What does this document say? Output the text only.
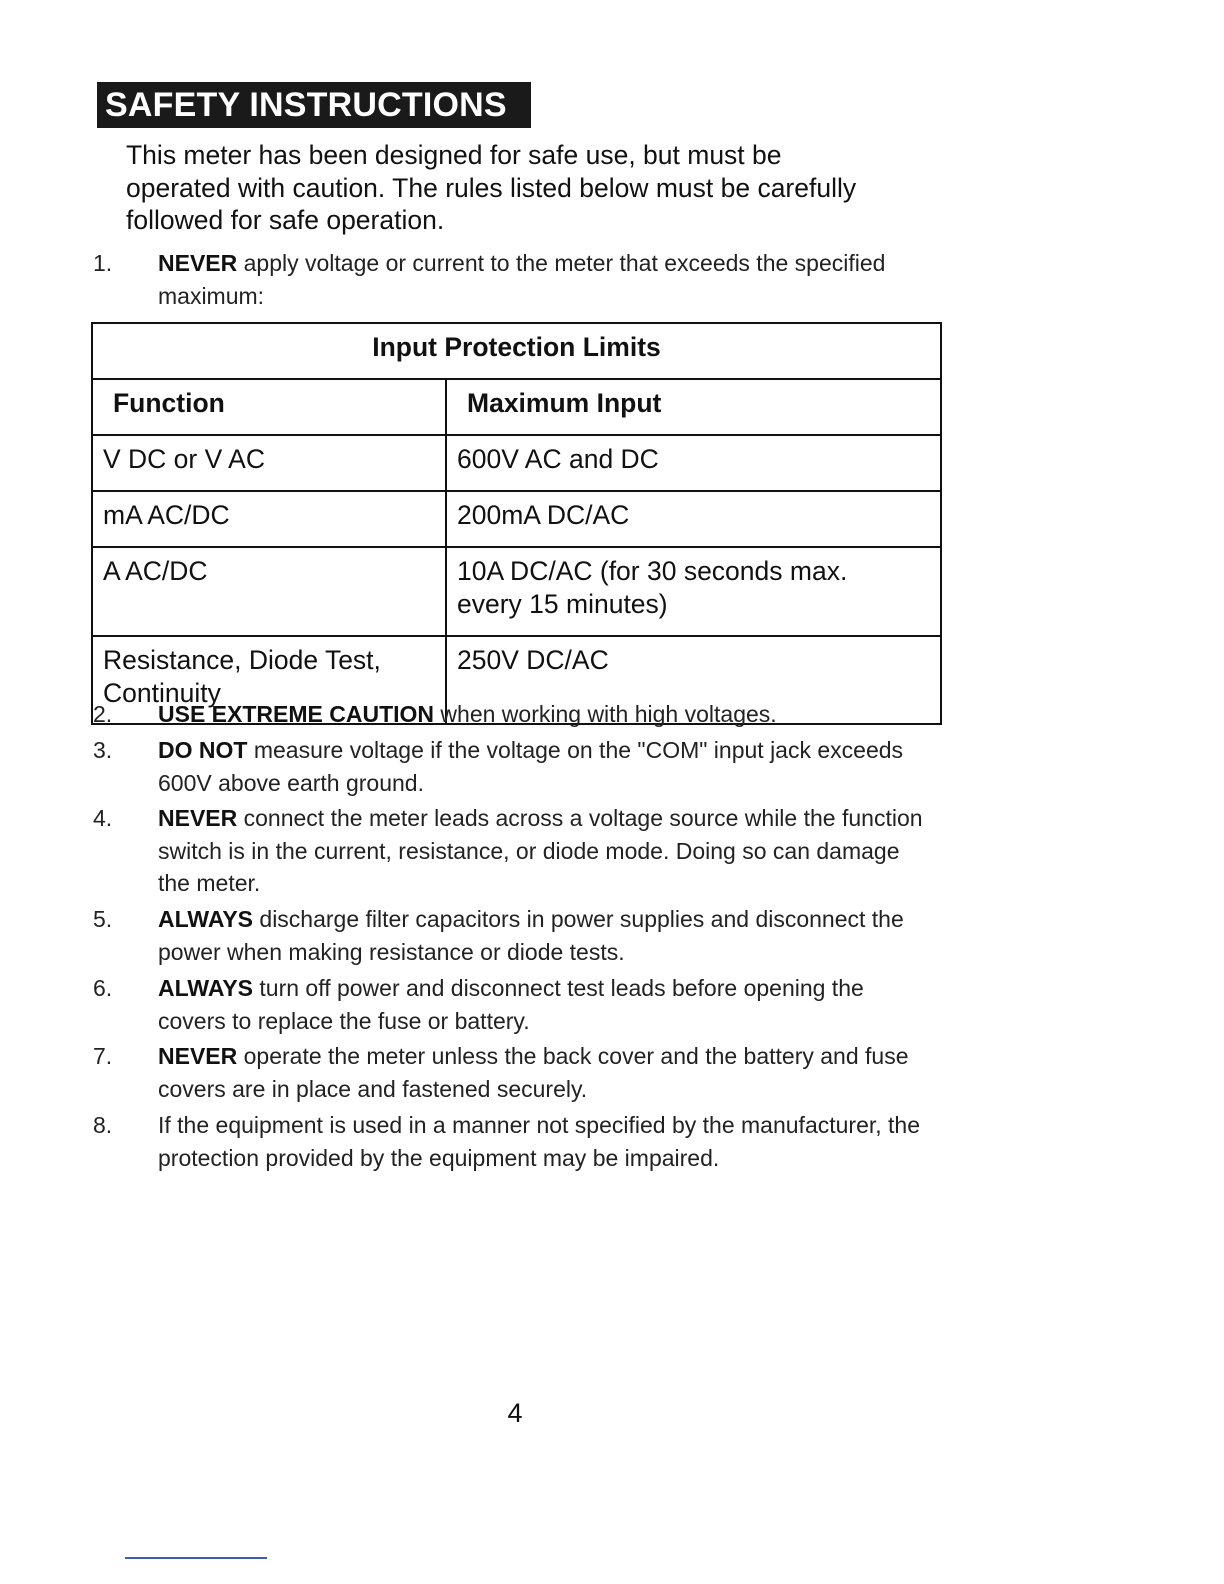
SAFETY INSTRUCTIONS

This meter has been designed for safe use, but must be

operated with caution. The rules listed below must be carefully

followed for safe operation.

1.	NEVER apply voltage or current to the meter that exceeds the specified
maximum:
Input Protection Limits	
Function	Maximum Input
V DC or V AC	600V AC and DC
mA AC/DC	200mA DC/AC
A AC/DC	10A DC/AC (for 30 seconds max.
every 15 minutes)
Resistance, Diode Test,
Continuity	250V DC/AC
2.	USE EXTREME CAUTION when working with high voltages.
3.	DO NOT measure voltage if the voltage on the "COM" input jack exceeds
600V above earth ground.
4.	NEVER connect the meter leads across a voltage source while the function
switch is in the current, resistance, or diode mode. Doing so can damage
the meter.
5.	ALWAYS discharge filter capacitors in power supplies and disconnect the
power when making resistance or diode tests.
6.	ALWAYS turn off power and disconnect test leads before opening the
covers to replace the fuse or battery.
7.	NEVER operate the meter unless the back cover and the battery and fuse
covers are in place and fastened securely.
8.	If the equipment is used in a manner not specified by the manufacturer, the
protection provided by the equipment may be impaired.
4
